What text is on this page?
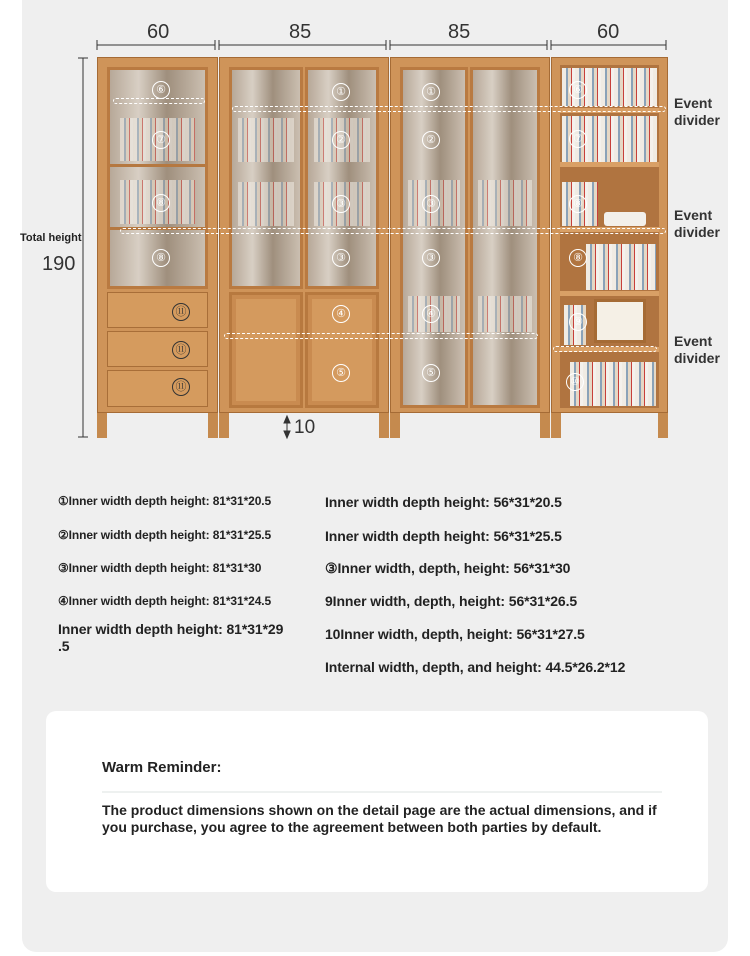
60	85	85	60
Total height
190
10
⑥
⑦
⑧
⑧
⑪
⑪
⑪
①
②
③
③
④
⑤
①
②
③
③
④
⑤
⑥
⑦
⑧
⑧
⑨
⑩
Event divider
Event divider
Event divider
①Inner width depth height: 81*31*20.5
②Inner width depth height: 81*31*25.5
③Inner width depth height: 81*31*30
④Inner width depth height: 81*31*24.5
Inner width depth height: 81*31*29
.5
Inner width depth height: 56*31*20.5
Inner width depth height: 56*31*25.5
③Inner width, depth, height: 56*31*30
9Inner width, depth, height: 56*31*26.5
10Inner width, depth, height: 56*31*27.5
Internal width, depth, and height: 44.5*26.2*12
Warm Reminder:

The product dimensions shown on the detail page are the actual dimensions, and if you purchase, you agree to the agreement between both parties by default.
